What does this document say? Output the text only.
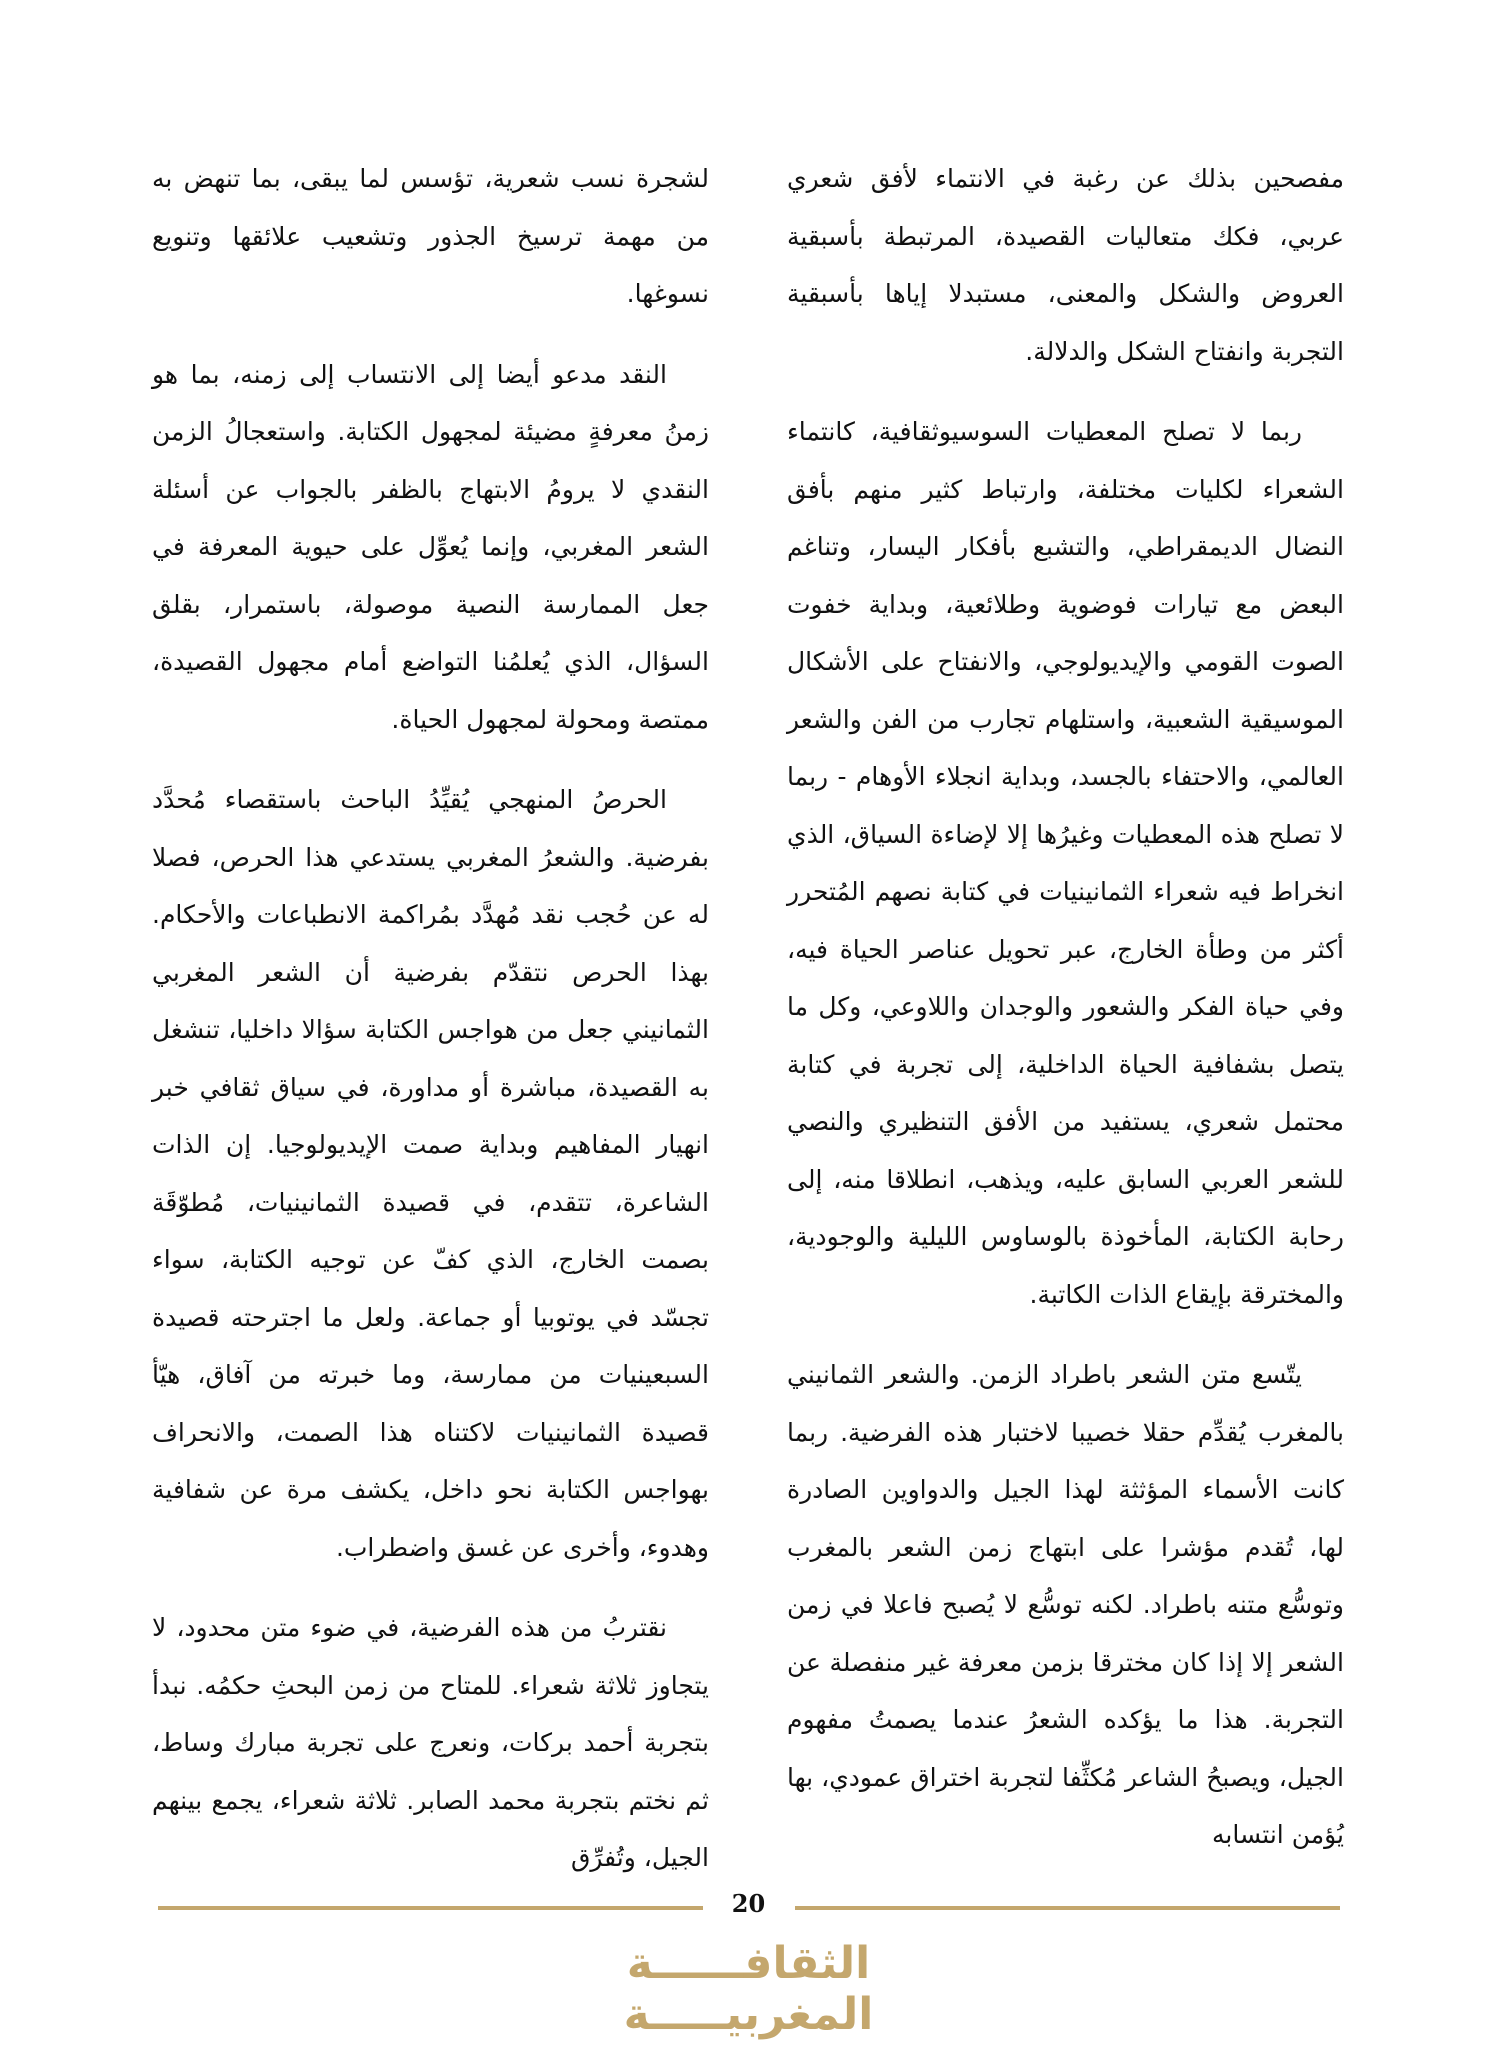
مفصحين بذلك عن رغبة في الانتماء لأفق شعري عربي، فكك متعاليات القصيدة، المرتبطة بأسبقية العروض والشكل والمعنى، مستبدلا إياها بأسبقية التجربة وانفتاح الشكل والدلالة.

ربما لا تصلح المعطيات السوسيوثقافية، كانتماء الشعراء لكليات مختلفة، وارتباط كثير منهم بأفق النضال الديمقراطي، والتشبع بأفكار اليسار، وتناغم البعض مع تيارات فوضوية وطلائعية، وبداية خفوت الصوت القومي والإيديولوجي، والانفتاح على الأشكال الموسيقية الشعبية، واستلهام تجارب من الفن والشعر العالمي، والاحتفاء بالجسد، وبداية انجلاء الأوهام - ربما لا تصلح هذه المعطيات وغيرُها إلا لإضاءة السياق، الذي انخراط فيه شعراء الثمانينيات في كتابة نصهم المُتحرر أكثر من وطأة الخارج، عبر تحويل عناصر الحياة فيه، وفي حياة الفكر والشعور والوجدان واللاوعي، وكل ما يتصل بشفافية الحياة الداخلية، إلى تجربة في كتابة محتمل شعري، يستفيد من الأفق التنظيري والنصي للشعر العربي السابق عليه، ويذهب، انطلاقا منه، إلى رحابة الكتابة، المأخوذة بالوساوس الليلية والوجودية، والمخترقة بإيقاع الذات الكاتبة.

يتّسع متن الشعر باطراد الزمن. والشعر الثمانيني بالمغرب يُقدِّم حقلا خصيبا لاختبار هذه الفرضية. ربما كانت الأسماء المؤثثة لهذا الجيل والدواوين الصادرة لها، تُقدم مؤشرا على ابتهاج زمن الشعر بالمغرب وتوسُّع متنه باطراد. لكنه توسُّع لا يُصبح فاعلا في زمن الشعر إلا إذا كان مخترقا بزمن معرفة غير منفصلة عن التجربة. هذا ما يؤكده الشعرُ عندما يصمتُ مفهوم الجيل، ويصبحُ الشاعر مُكثِّفا لتجربة اختراق عمودي، بها يُؤمن انتسابه

لشجرة نسب شعرية، تؤسس لما يبقى، بما تنهض به من مهمة ترسيخ الجذور وتشعيب علائقها وتنويع نسوغها.

النقد مدعو أيضا إلى الانتساب إلى زمنه، بما هو زمنُ معرفةٍ مضيئة لمجهول الكتابة. واستعجالُ الزمن النقدي لا يرومُ الابتهاج بالظفر بالجواب عن أسئلة الشعر المغربي، وإنما يُعوِّل على حيوية المعرفة في جعل الممارسة النصية موصولة، باستمرار، بقلق السؤال، الذي يُعلمُنا التواضع أمام مجهول القصيدة، ممتصة ومحولة لمجهول الحياة.

الحرصُ المنهجي يُقيِّدُ الباحث باستقصاء مُحدَّد بفرضية. والشعرُ المغربي يستدعي هذا الحرص، فصلا له عن حُجب نقد مُهدَّد بمُراكمة الانطباعات والأحكام. بهذا الحرص نتقدّم بفرضية أن الشعر المغربي الثمانيني جعل من هواجس الكتابة سؤالا داخليا، تنشغل به القصيدة، مباشرة أو مداورة، في سياق ثقافي خبر انهيار المفاهيم وبداية صمت الإيديولوجيا. إن الذات الشاعرة، تتقدم، في قصيدة الثمانينيات، مُطوّقَة بصمت الخارج، الذي كفّ عن توجيه الكتابة، سواء تجسّد في يوتوبيا أو جماعة. ولعل ما اجترحته قصيدة السبعينيات من ممارسة، وما خبرته من آفاق، هيّأ قصيدة الثمانينيات لاكتناه هذا الصمت، والانحراف بهواجس الكتابة نحو داخل، يكشف مرة عن شفافية وهدوء، وأخرى عن غسق واضطراب.

نقتربُ من هذه الفرضية، في ضوء متن محدود، لا يتجاوز ثلاثة شعراء. للمتاح من زمن البحثِ حكمُه. نبدأ بتجربة أحمد بركات، ونعرج على تجربة مبارك وساط، ثم نختم بتجربة محمد الصابر. ثلاثة شعراء، يجمع بينهم الجيل، وتُفرِّق

20
الثقافــــــة المغربيـــــة
